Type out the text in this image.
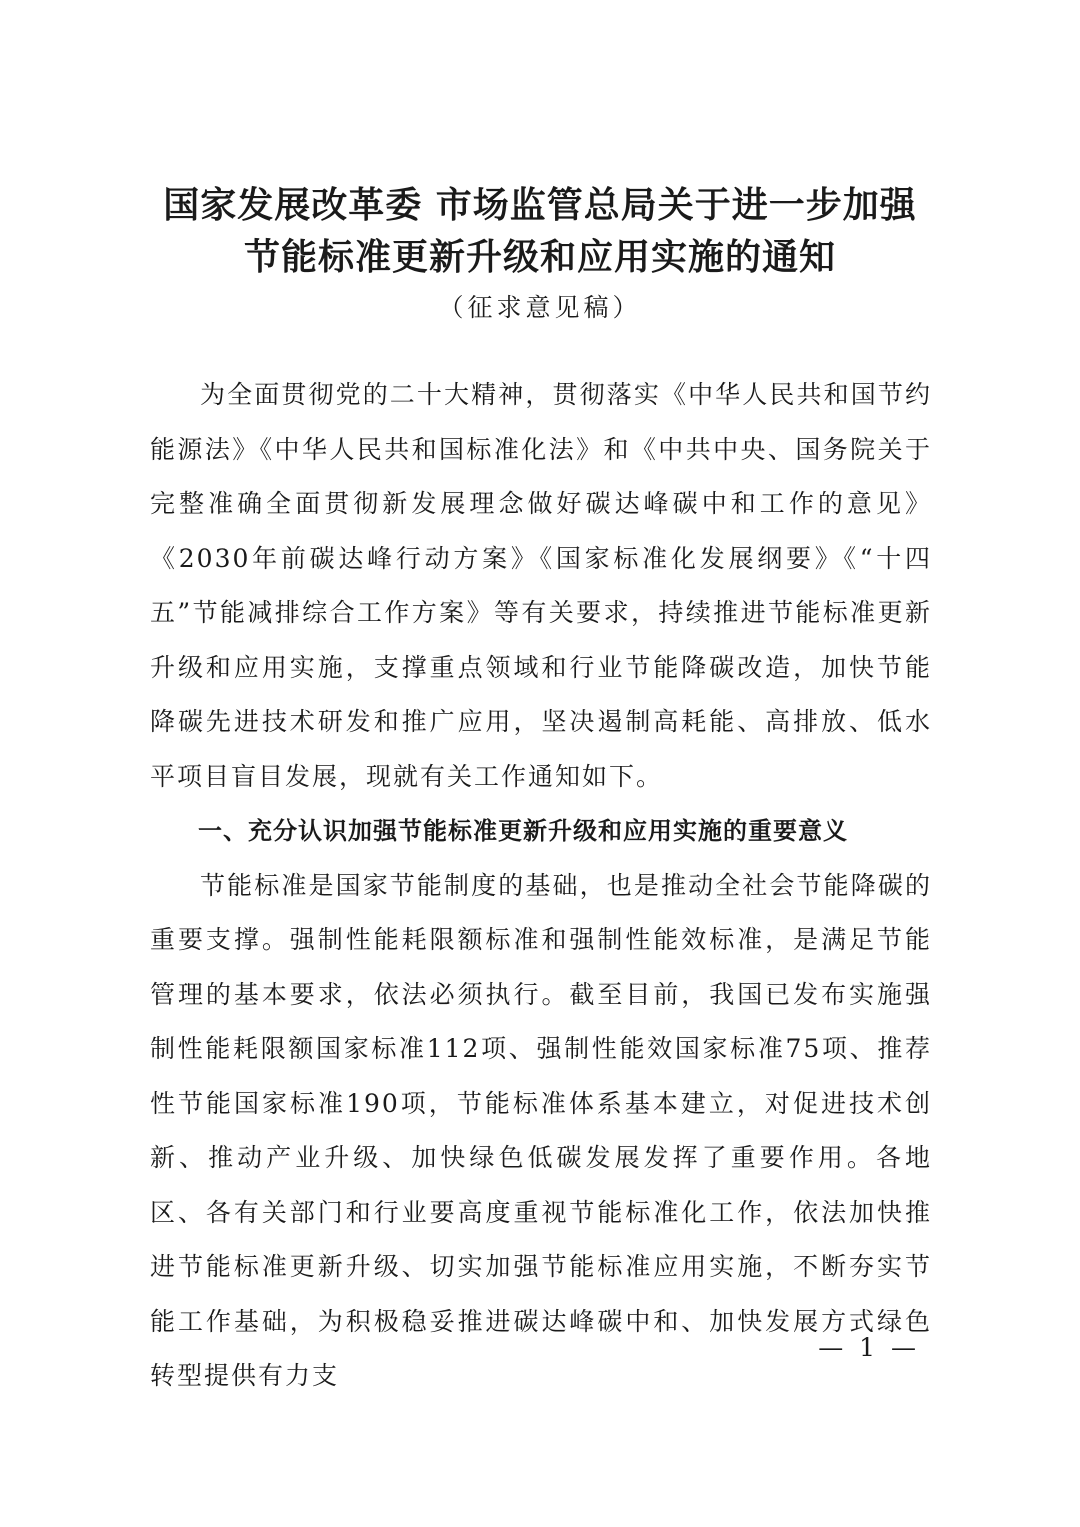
国家发展改革委 市场监管总局关于进一步加强
节能标准更新升级和应用实施的通知
（征求意见稿）

为全面贯彻党的二十大精神，贯彻落实《中华人民共和国节约能源法》《中华人民共和国标准化法》和《中共中央、国务院关于完整准确全面贯彻新发展理念做好碳达峰碳中和工作的意见》《2030年前碳达峰行动方案》《国家标准化发展纲要》《“十四五”节能减排综合工作方案》等有关要求，持续推进节能标准更新升级和应用实施，支撑重点领域和行业节能降碳改造，加快节能降碳先进技术研发和推广应用，坚决遏制高耗能、高排放、低水平项目盲目发展，现就有关工作通知如下。

一、充分认识加强节能标准更新升级和应用实施的重要意义

节能标准是国家节能制度的基础，也是推动全社会节能降碳的重要支撑。强制性能耗限额标准和强制性能效标准，是满足节能管理的基本要求，依法必须执行。截至目前，我国已发布实施强制性能耗限额国家标准112项、强制性能效国家标准75项、推荐性节能国家标准190项，节能标准体系基本建立，对促进技术创新、推动产业升级、加快绿色低碳发展发挥了重要作用。各地区、各有关部门和行业要高度重视节能标准化工作，依法加快推进节能标准更新升级、切实加强节能标准应用实施，不断夯实节能工作基础，为积极稳妥推进碳达峰碳中和、加快发展方式绿色转型提供有力支

— 1 —
